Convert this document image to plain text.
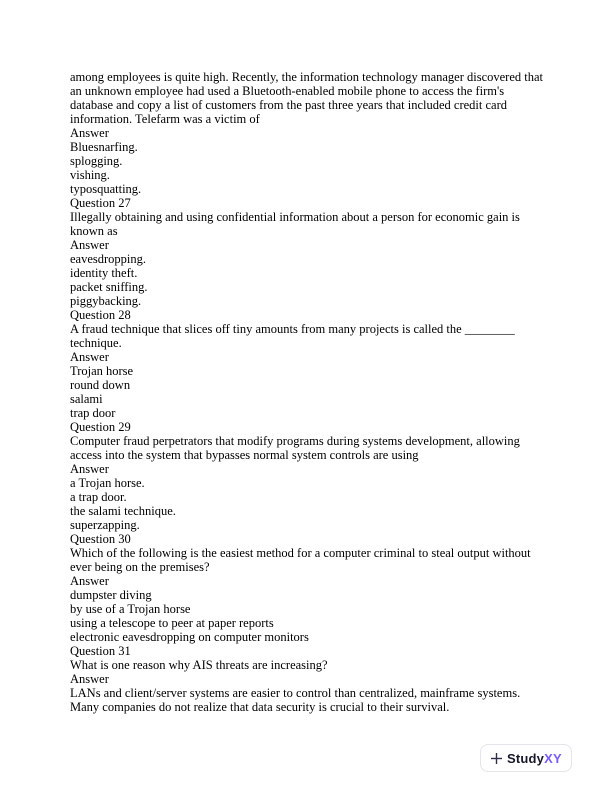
among employees is quite high. Recently, the information technology manager discovered that an unknown employee had used a Bluetooth-enabled mobile phone to access the firm's database and copy a list of customers from the past three years that included credit card information. Telefarm was a victim of
Answer
Bluesnarfing.
splogging.
vishing.
typosquatting.
Question 27
Illegally obtaining and using confidential information about a person for economic gain is known as
Answer
eavesdropping.
identity theft.
packet sniffing.
piggybacking.
Question 28
A fraud technique that slices off tiny amounts from many projects is called the ________ technique.
Answer
Trojan horse
round down
salami
trap door
Question 29
Computer fraud perpetrators that modify programs during systems development, allowing access into the system that bypasses normal system controls are using
Answer
a Trojan horse.
a trap door.
the salami technique.
superzapping.
Question 30
Which of the following is the easiest method for a computer criminal to steal output without ever being on the premises?
Answer
dumpster diving
by use of a Trojan horse
using a telescope to peer at paper reports
electronic eavesdropping on computer monitors
Question 31
What is one reason why AIS threats are increasing?
Answer
LANs and client/server systems are easier to control than centralized, mainframe systems.
Many companies do not realize that data security is crucial to their survival.
Study XY
